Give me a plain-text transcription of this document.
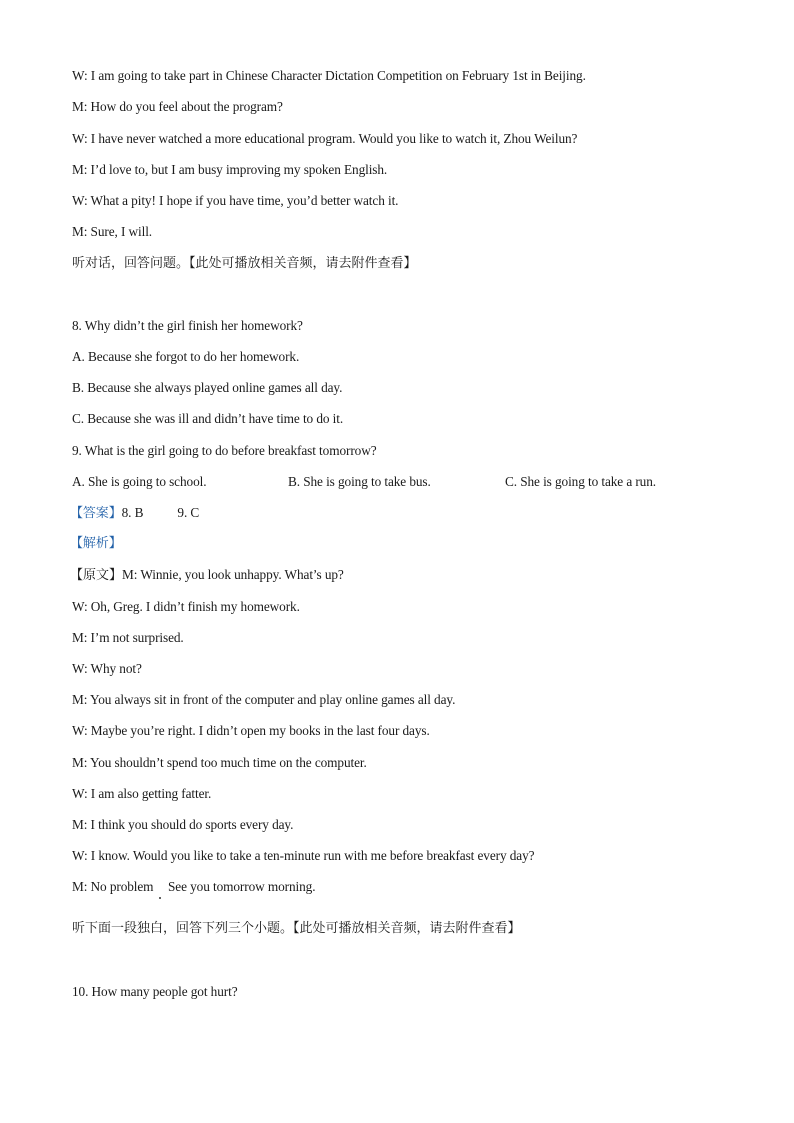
W: I am going to take part in Chinese Character Dictation Competition on February 1st in Beijing.
M: How do you feel about the program?
W: I have never watched a more educational program. Would you like to watch it, Zhou Weilun?
M: I’d love to, but I am busy improving my spoken English.
W: What a pity! I hope if you have time, you’d better watch it.
M: Sure, I will.
听对话，回答问题。【此处可播放相关音频，请去附件查看】
8. Why didn’t the girl finish her homework?
A. Because she forgot to do her homework.
B. Because she always played online games all day.
C. Because she was ill and didn’t have time to do it.
9. What is the girl going to do before breakfast tomorrow?
A. She is going to school.	B. She is going to take bus.	C. She is going to take a run.
【答案】8. B	9. C
【解析】
【原文】M: Winnie, you look unhappy. What’s up?
W: Oh, Greg. I didn’t finish my homework.
M: I’m not surprised.
W: Why not?
M: You always sit in front of the computer and play online games all day.
W: Maybe you’re right. I didn’t open my books in the last four days.
M: You shouldn’t spend too much time on the computer.
W: I am also getting fatter.
M: I think you should do sports every day.
W: I know. Would you like to take a ten-minute run with me before breakfast every day?
M: No problem See you tomorrow morning.
听下面一段独白，回答下列三个小题。【此处可播放相关音频，请去附件查看】
10. How many people got hurt?
